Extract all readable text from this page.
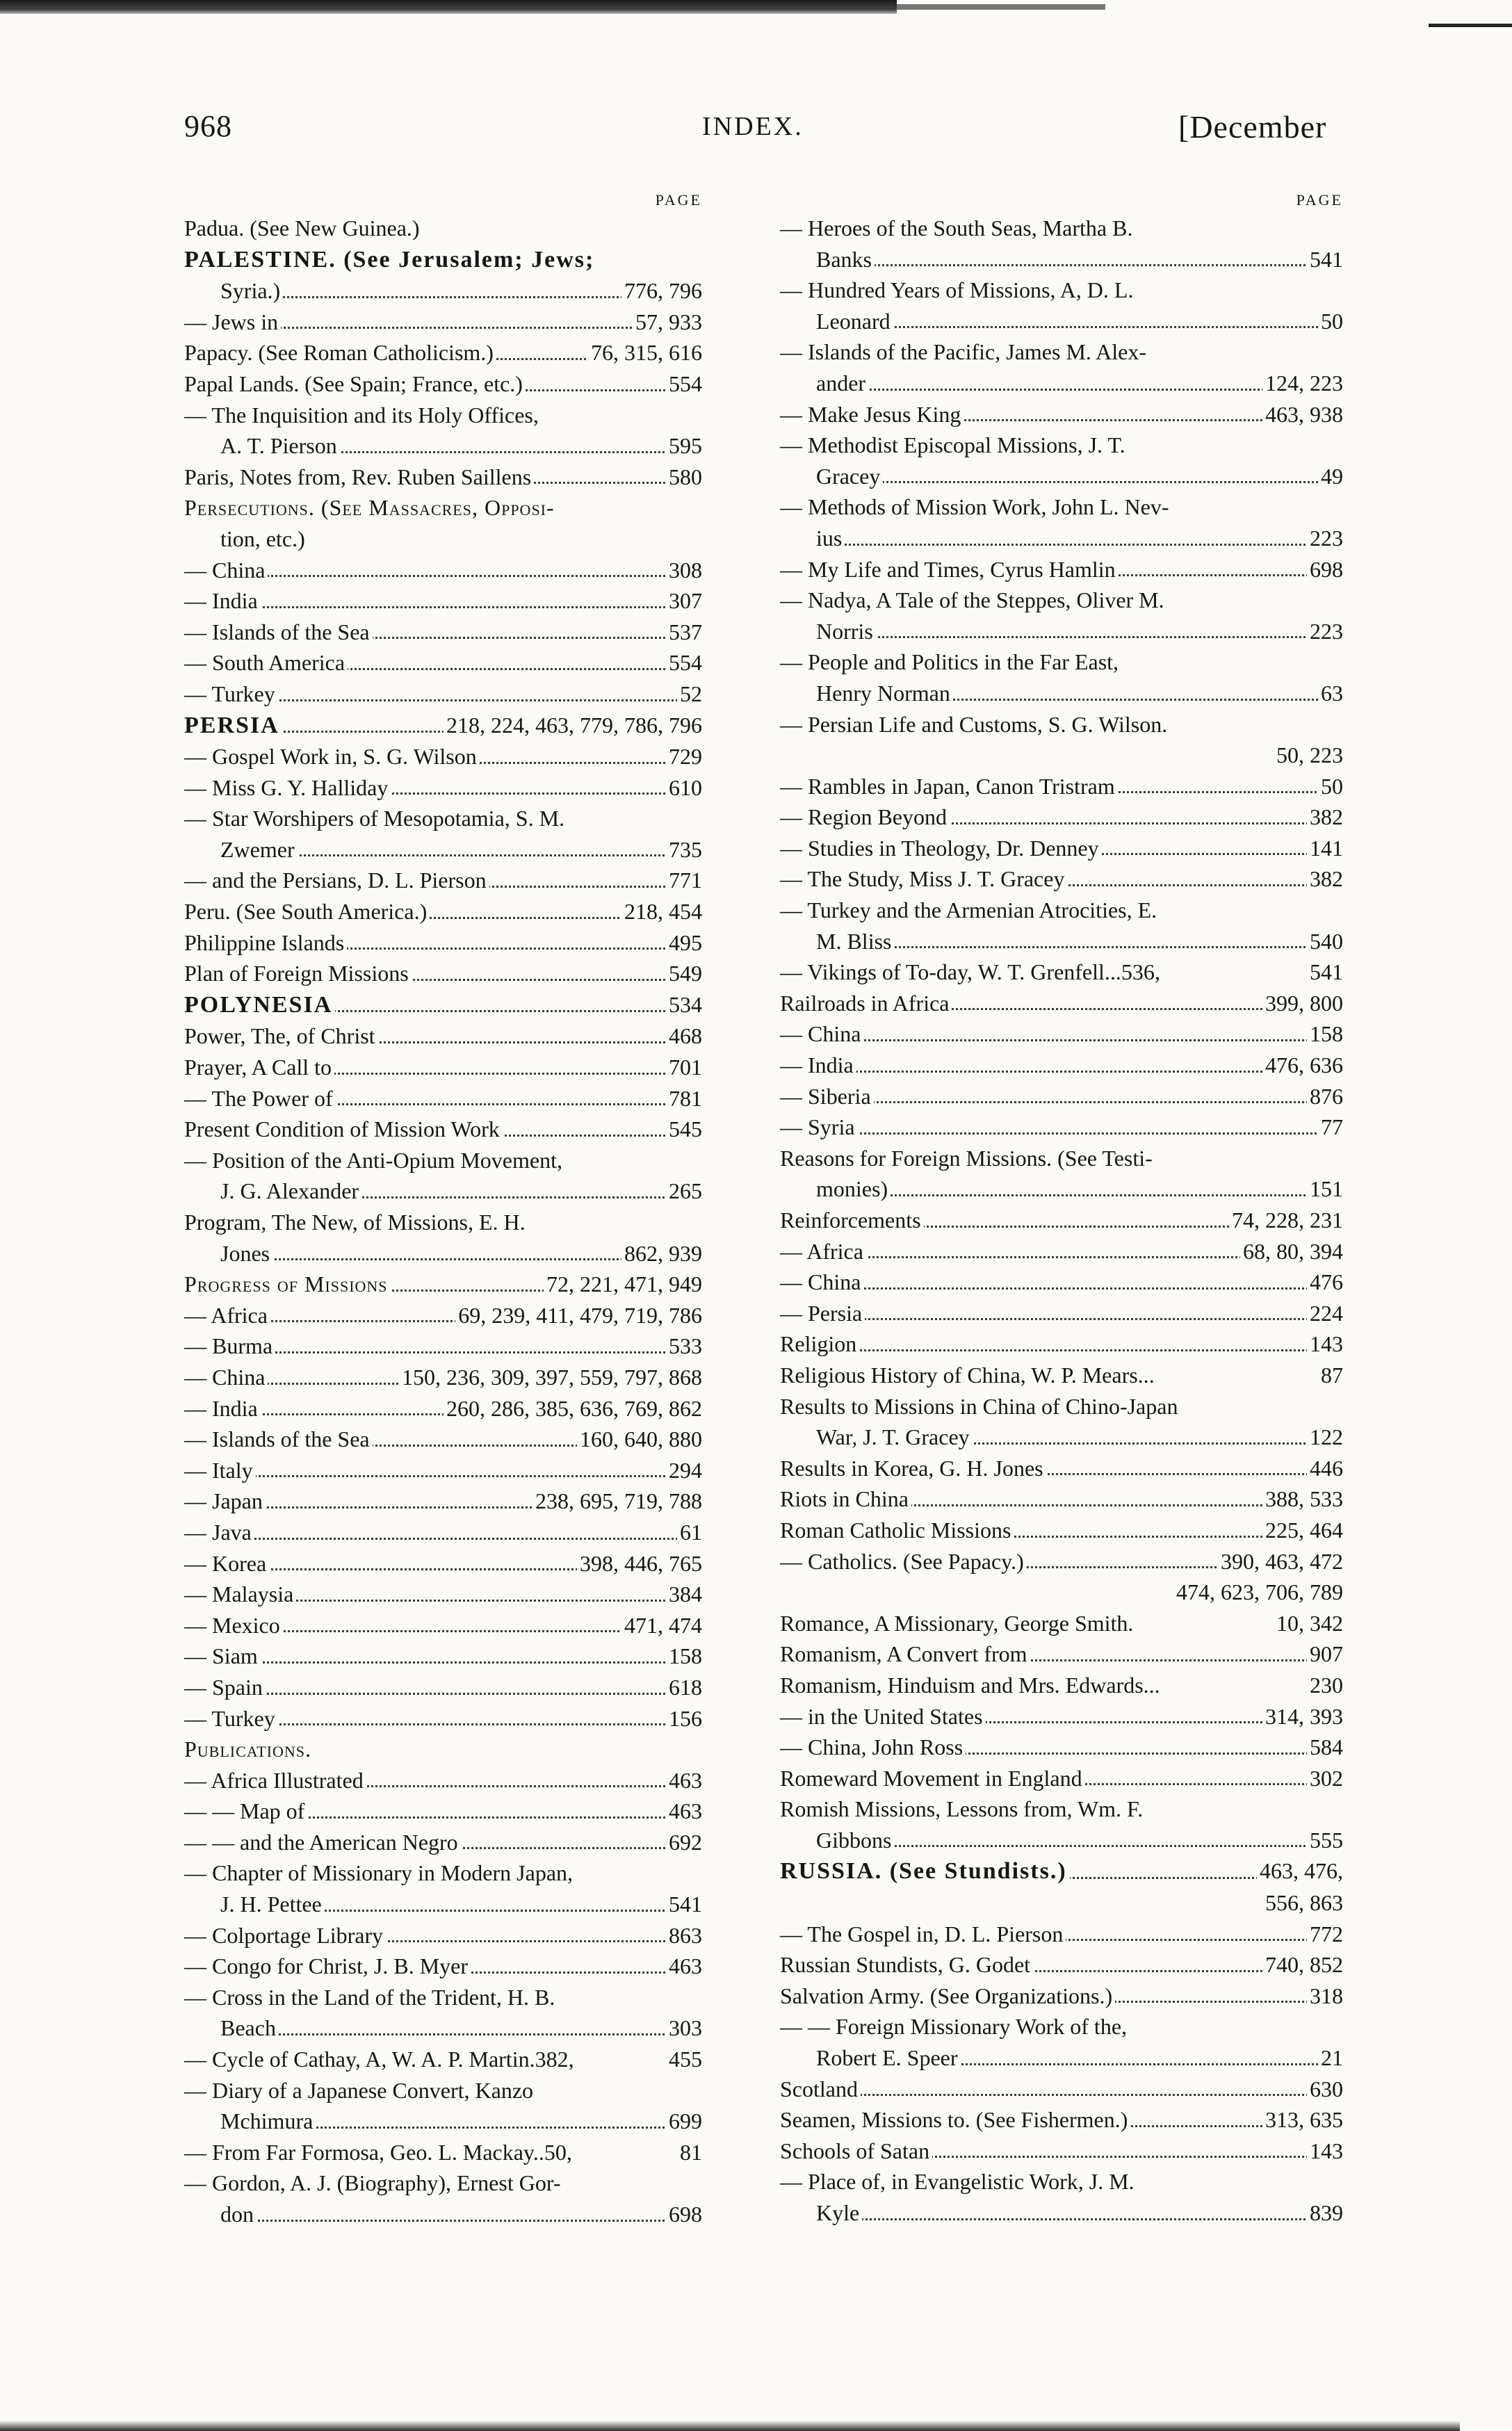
968	INDEX.	[December
PAGE
Padua. (See New Guinea.)
PALESTINE. (See Jerusalem; Jews;
Syria.)	776, 796
— Jews in	57, 933
Papacy. (See Roman Catholicism.)	76, 315, 616
Papal Lands. (See Spain; France, etc.)	554
— The Inquisition and its Holy Offices,
A. T. Pierson	595
Paris, Notes from, Rev. Ruben Saillens	580
Persecutions. (See Massacres, Opposi-
tion, etc.)
— China	308
— India	307
— Islands of the Sea	537
— South America	554
— Turkey	52
PERSIA	218, 224, 463, 779, 786, 796
— Gospel Work in, S. G. Wilson	729
— Miss G. Y. Halliday	610
— Star Worshipers of Mesopotamia, S. M.
Zwemer	735
— and the Persians, D. L. Pierson	771
Peru. (See South America.)	218, 454
Philippine Islands	495
Plan of Foreign Missions	549
POLYNESIA	534
Power, The, of Christ	468
Prayer, A Call to	701
— The Power of	781
Present Condition of Mission Work	545
— Position of the Anti-Opium Movement,
J. G. Alexander	265
Program, The New, of Missions, E. H.
Jones	862, 939
Progress of Missions	72, 221, 471, 949
— Africa	69, 239, 411, 479, 719, 786
— Burma	533
— China	150, 236, 309, 397, 559, 797, 868
— India	260, 286, 385, 636, 769, 862
— Islands of the Sea	160, 640, 880
— Italy	294
— Japan	238, 695, 719, 788
— Java	61
— Korea	398, 446, 765
— Malaysia	384
— Mexico	471, 474
— Siam	158
— Spain	618
— Turkey	156
Publications.
— Africa Illustrated	463
— — Map of	463
— — and the American Negro	692
— Chapter of Missionary in Modern Japan,
J. H. Pettee	541
— Colportage Library	863
— Congo for Christ, J. B. Myer	463
— Cross in the Land of the Trident, H. B.
Beach	303
— Cycle of Cathay, A, W. A. P. Martin.382,	455
— Diary of a Japanese Convert, Kanzo
Mchimura	699
— From Far Formosa, Geo. L. Mackay..50,	81
— Gordon, A. J. (Biography), Ernest Gor-
don	698
PAGE
— Heroes of the South Seas, Martha B.
Banks	541
— Hundred Years of Missions, A, D. L.
Leonard	50
— Islands of the Pacific, James M. Alex-
ander	124, 223
— Make Jesus King	463, 938
— Methodist Episcopal Missions, J. T.
Gracey	49
— Methods of Mission Work, John L. Nev-
ius	223
— My Life and Times, Cyrus Hamlin	698
— Nadya, A Tale of the Steppes, Oliver M.
Norris	223
— People and Politics in the Far East,
Henry Norman	63
— Persian Life and Customs, S. G. Wilson.
50, 223
— Rambles in Japan, Canon Tristram	50
— Region Beyond	382
— Studies in Theology, Dr. Denney	141
— The Study, Miss J. T. Gracey	382
— Turkey and the Armenian Atrocities, E.
M. Bliss	540
— Vikings of To-day, W. T. Grenfell...536,	541
Railroads in Africa	399, 800
— China	158
— India	476, 636
— Siberia	876
— Syria	77
Reasons for Foreign Missions. (See Testi-
monies)	151
Reinforcements	74, 228, 231
— Africa	68, 80, 394
— China	476
— Persia	224
Religion	143
Religious History of China, W. P. Mears...	87
Results to Missions in China of Chino-Japan
War, J. T. Gracey	122
Results in Korea, G. H. Jones	446
Riots in China	388, 533
Roman Catholic Missions	225, 464
— Catholics. (See Papacy.)	390, 463, 472
474, 623, 706, 789
Romance, A Missionary, George Smith.	10, 342
Romanism, A Convert from	907
Romanism, Hinduism and Mrs. Edwards...	230
— in the United States	314, 393
— China, John Ross	584
Romeward Movement in England	302
Romish Missions, Lessons from, Wm. F.
Gibbons	555
RUSSIA. (See Stundists.)	463, 476,
556, 863
— The Gospel in, D. L. Pierson	772
Russian Stundists, G. Godet	740, 852
Salvation Army. (See Organizations.)	318
— — Foreign Missionary Work of the,
Robert E. Speer	21
Scotland	630
Seamen, Missions to. (See Fishermen.)	313, 635
Schools of Satan	143
— Place of, in Evangelistic Work, J. M.
Kyle	839
